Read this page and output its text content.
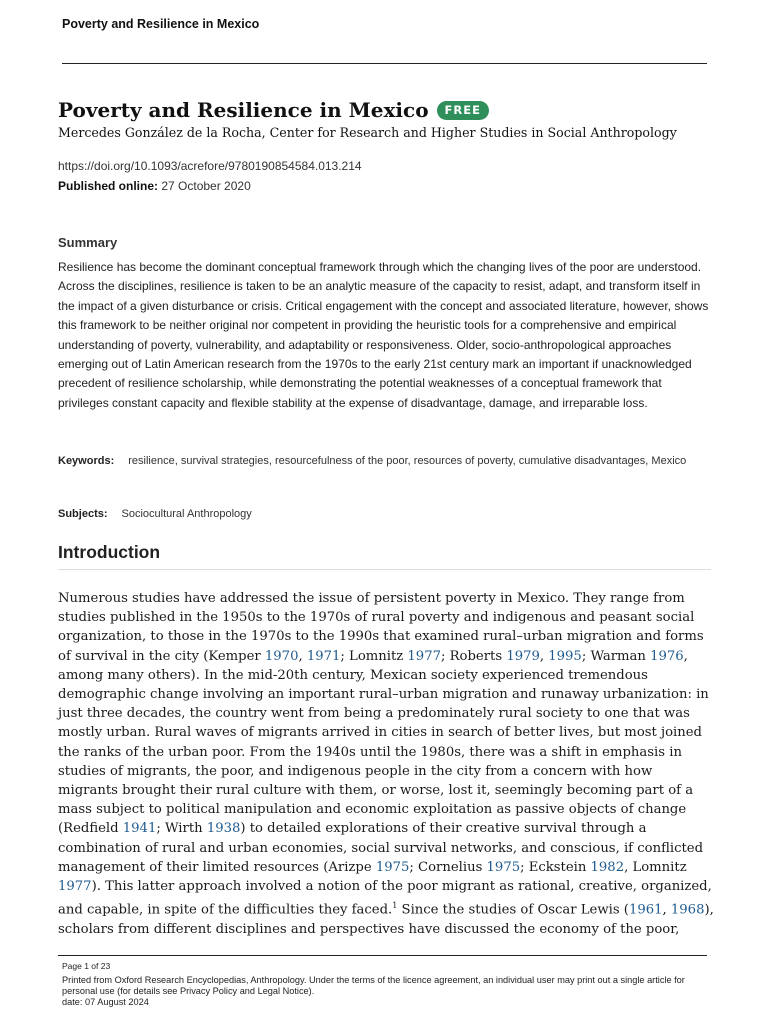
Poverty and Resilience in Mexico
Poverty and Resilience in Mexico	FREE
Mercedes González de la Rocha, Center for Research and Higher Studies in Social Anthropology
https://doi.org/10.1093/acrefore/9780190854584.013.214
Published online: 27 October 2020
Summary
Resilience has become the dominant conceptual framework through which the changing lives of the poor are understood. Across the disciplines, resilience is taken to be an analytic measure of the capacity to resist, adapt, and transform itself in the impact of a given disturbance or crisis. Critical engagement with the concept and associated literature, however, shows this framework to be neither original nor competent in providing the heuristic tools for a comprehensive and empirical understanding of poverty, vulnerability, and adaptability or responsiveness. Older, socio-anthropological approaches emerging out of Latin American research from the 1970s to the early 21st century mark an important if unacknowledged precedent of resilience scholarship, while demonstrating the potential weaknesses of a conceptual framework that privileges constant capacity and flexible stability at the expense of disadvantage, damage, and irreparable loss.
Keywords: resilience, survival strategies, resourcefulness of the poor, resources of poverty, cumulative disadvantages, Mexico
Subjects: Sociocultural Anthropology
Introduction
Numerous studies have addressed the issue of persistent poverty in Mexico. They range from studies published in the 1950s to the 1970s of rural poverty and indigenous and peasant social organization, to those in the 1970s to the 1990s that examined rural–urban migration and forms of survival in the city (Kemper 1970, 1971; Lomnitz 1977; Roberts 1979, 1995; Warman 1976, among many others). In the mid-20th century, Mexican society experienced tremendous demographic change involving an important rural–urban migration and runaway urbanization: in just three decades, the country went from being a predominately rural society to one that was mostly urban. Rural waves of migrants arrived in cities in search of better lives, but most joined the ranks of the urban poor. From the 1940s until the 1980s, there was a shift in emphasis in studies of migrants, the poor, and indigenous people in the city from a concern with how migrants brought their rural culture with them, or worse, lost it, seemingly becoming part of a mass subject to political manipulation and economic exploitation as passive objects of change (Redfield 1941; Wirth 1938) to detailed explorations of their creative survival through a combination of rural and urban economies, social survival networks, and conscious, if conflicted management of their limited resources (Arizpe 1975; Cornelius 1975; Eckstein 1982, Lomnitz 1977). This latter approach involved a notion of the poor migrant as rational, creative, organized, and capable, in spite of the difficulties they faced.$^1$ Since the studies of Oscar Lewis (1961, 1968), scholars from different disciplines and perspectives have discussed the economy of the poor,
Page 1 of 23
Printed from Oxford Research Encyclopedias, Anthropology. Under the terms of the licence agreement, an individual user may print out a single article for personal use (for details see Privacy Policy and Legal Notice).
date: 07 August 2024
